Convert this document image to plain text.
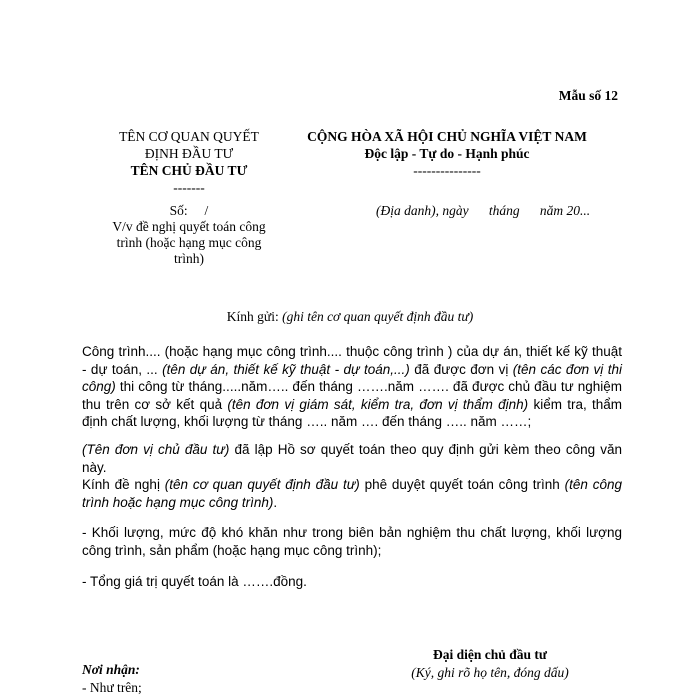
Mẫu số 12
TÊN CƠ QUAN QUYẾT
ĐỊNH ĐẦU TƯ
TÊN CHỦ ĐẦU TƯ
-------
CỘNG HÒA XÃ HỘI CHỦ NGHĨA VIỆT NAM
Độc lập - Tự do - Hạnh phúc
---------------
Số:     /
V/v đề nghị quyết toán công
trình (hoặc hạng mục công
trình)
(Địa danh), ngày      tháng      năm 20...
Kính gửi: (ghi tên cơ quan quyết định đầu tư)

Công trình.... (hoặc hạng mục công trình.... thuộc công trình ) của dự án, thiết kế kỹ thuật - dự toán, ... (tên dự án, thiết kế kỹ thuật - dự toán,...) đã được đơn vị (tên các đơn vị thi công) thi công từ tháng.....năm….. đến tháng …….năm ……. đã được chủ đầu tư nghiệm thu trên cơ sở kết quả (tên đơn vị giám sát, kiểm tra, đơn vị thẩm định) kiểm tra, thẩm định chất lượng, khối lượng từ tháng ….. năm …. đến tháng ….. năm ……;

(Tên đơn vị chủ đầu tư) đã lập Hồ sơ quyết toán theo quy định gửi kèm theo công văn này.

Kính đề nghị (tên cơ quan quyết định đầu tư) phê duyệt quyết toán công trình (tên công trình hoặc hạng mục công trình).

- Khối lượng, mức độ khó khăn như trong biên bản nghiệm thu chất lượng, khối lượng công trình, sản phẩm (hoặc hạng mục công trình);

- Tổng giá trị quyết toán là …….đồng.

Đại diện chủ đầu tư
(Ký, ghi rõ họ tên, đóng dấu)
Nơi nhận:
- Như trên;
